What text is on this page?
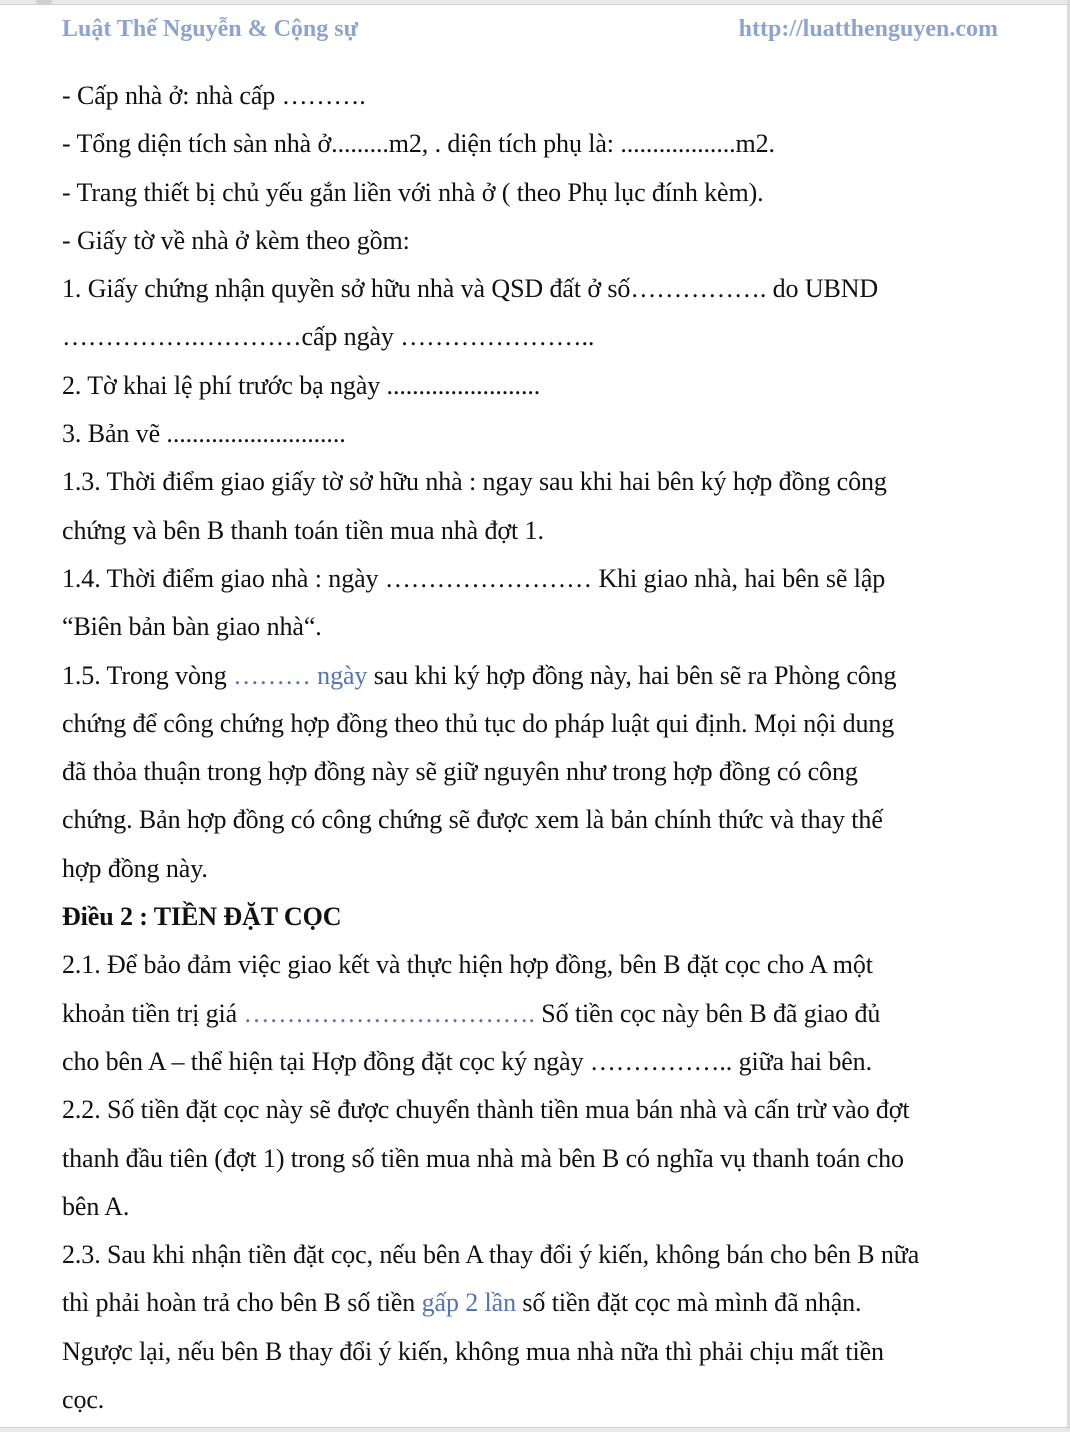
Luật Thế Nguyễn & Cộng sự	http://luatthenguyen.com
- Cấp nhà ở: nhà cấp ……….
- Tổng diện tích sàn nhà ở.........m2, . diện tích phụ là: ..................m2.
- Trang thiết bị chủ yếu gắn liền với nhà ở ( theo Phụ lục đính kèm).
- Giấy tờ về nhà ở kèm theo gồm:
1. Giấy chứng nhận quyền sở hữu nhà và QSD đất ở số……………. do UBND
…………….…………cấp ngày …………………..
2. Tờ khai lệ phí trước bạ ngày ........................
3. Bản vẽ ............................
1.3. Thời điểm giao giấy tờ sở hữu nhà : ngay sau khi hai bên ký hợp đồng công
chứng và bên B thanh toán tiền mua nhà đợt 1.
1.4. Thời điểm giao nhà : ngày …………………… Khi giao nhà, hai bên sẽ lập
“Biên bản bàn giao nhà“.
1.5. Trong vòng ……… ngày sau khi ký hợp đồng này, hai bên sẽ ra Phòng công
chứng để công chứng hợp đồng theo thủ tục do pháp luật qui định. Mọi nội dung
đã thỏa thuận trong hợp đồng này sẽ giữ nguyên như trong hợp đồng có công
chứng. Bản hợp đồng có công chứng sẽ được xem là bản chính thức và thay thế
hợp đồng này.
Điều 2 : TIỀN ĐẶT CỌC
2.1. Để bảo đảm việc giao kết và thực hiện hợp đồng, bên B đặt cọc cho A một
khoản tiền trị giá ……………………………. Số tiền cọc này bên B đã giao đủ
cho bên A – thể hiện tại Hợp đồng đặt cọc ký ngày …………….. giữa hai bên.
2.2. Số tiền đặt cọc này sẽ được chuyển thành tiền mua bán nhà và cấn trừ vào đợt
thanh đầu tiên (đợt 1) trong số tiền mua nhà mà bên B có nghĩa vụ thanh toán cho
bên A.
2.3. Sau khi nhận tiền đặt cọc, nếu bên A thay đổi ý kiến, không bán cho bên B nữa
thì phải hoàn trả cho bên B số tiền gấp 2 lần số tiền đặt cọc mà mình đã nhận.
Ngược lại, nếu bên B thay đổi ý kiến, không mua nhà nữa thì phải chịu mất tiền
cọc.
